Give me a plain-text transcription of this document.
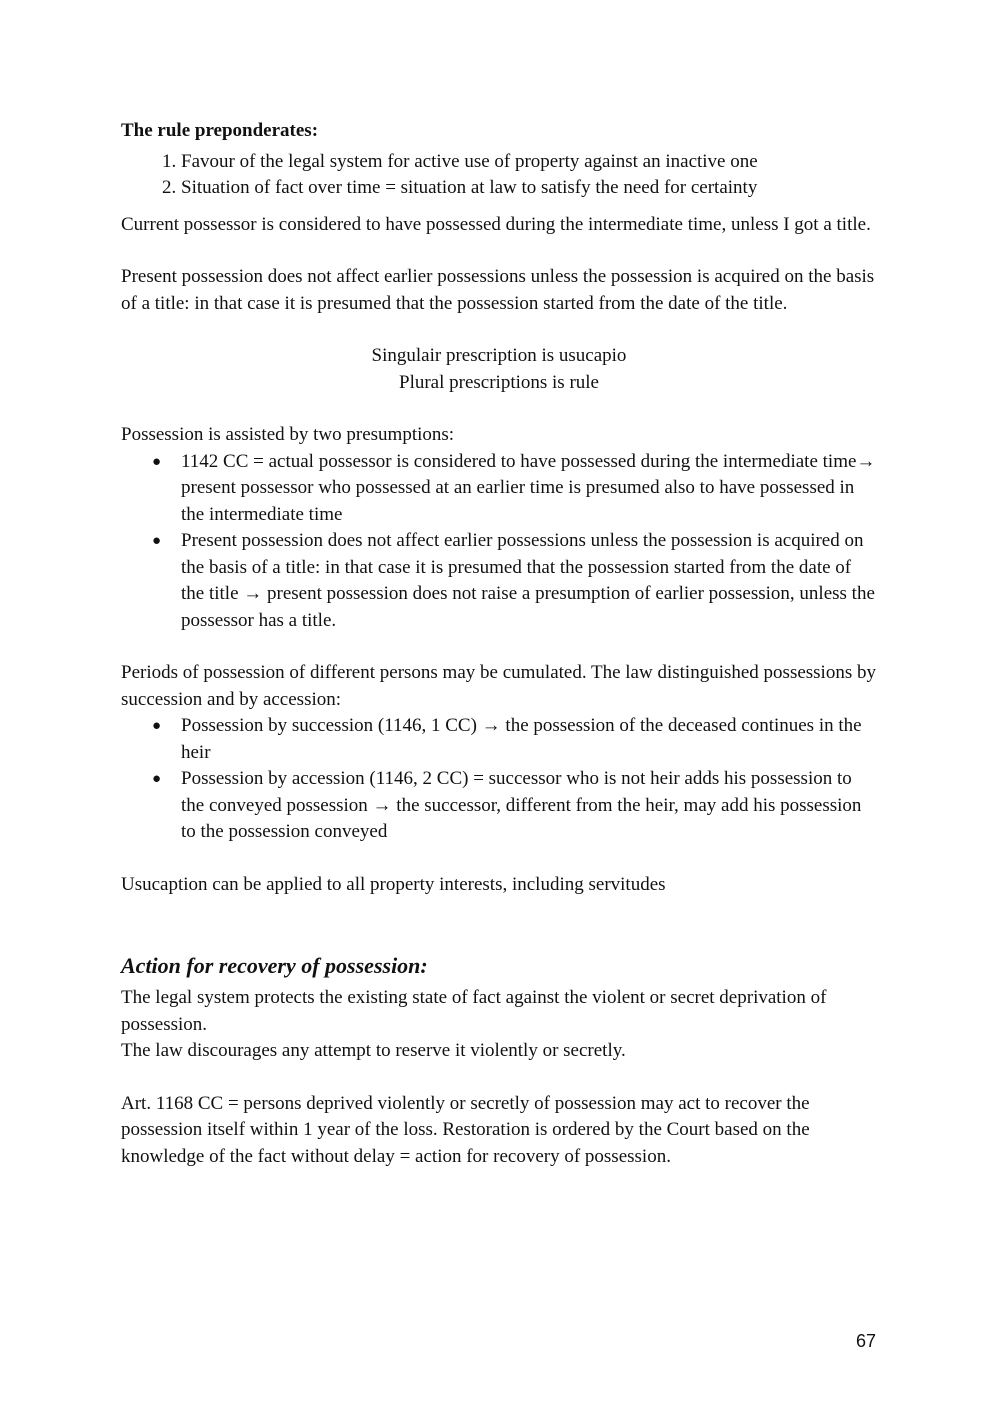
The rule preponderates:

1. Favour of the legal system for active use of property against an inactive one
2. Situation of fact over time = situation at law to satisfy the need for certainty

Current possessor is considered to have possessed during the intermediate time, unless I got a title.

Present possession does not affect earlier possessions unless the possession is acquired on the basis of a title: in that case it is presumed that the possession started from the date of the title.

Singulair prescription is usucapio

Plural prescriptions is rule

Possession is assisted by two presumptions:

● 1142 CC = actual possessor is considered to have possessed during the intermediate time→ present possessor who possessed at an earlier time is presumed also to have possessed in the intermediate time
● Present possession does not affect earlier possessions unless the possession is acquired on the basis of a title: in that case it is presumed that the possession started from the date of the title → present possession does not raise a presumption of earlier possession, unless the possessor has a title.

Periods of possession of different persons may be cumulated. The law distinguished possessions by succession and by accession:

● Possession by succession (1146, 1 CC) → the possession of the deceased continues in the heir
● Possession by accession (1146, 2 CC) = successor who is not heir adds his possession to the conveyed possession → the successor, different from the heir, may add his possession to the possession conveyed

Usucaption can be applied to all property interests, including servitudes

Action for recovery of possession:

The legal system protects the existing state of fact against the violent or secret deprivation of possession.

The law discourages any attempt to reserve it violently or secretly.

Art. 1168 CC = persons deprived violently or secretly of possession may act to recover the possession itself within 1 year of the loss. Restoration is ordered by the Court based on the knowledge of the fact without delay = action for recovery of possession.

67
